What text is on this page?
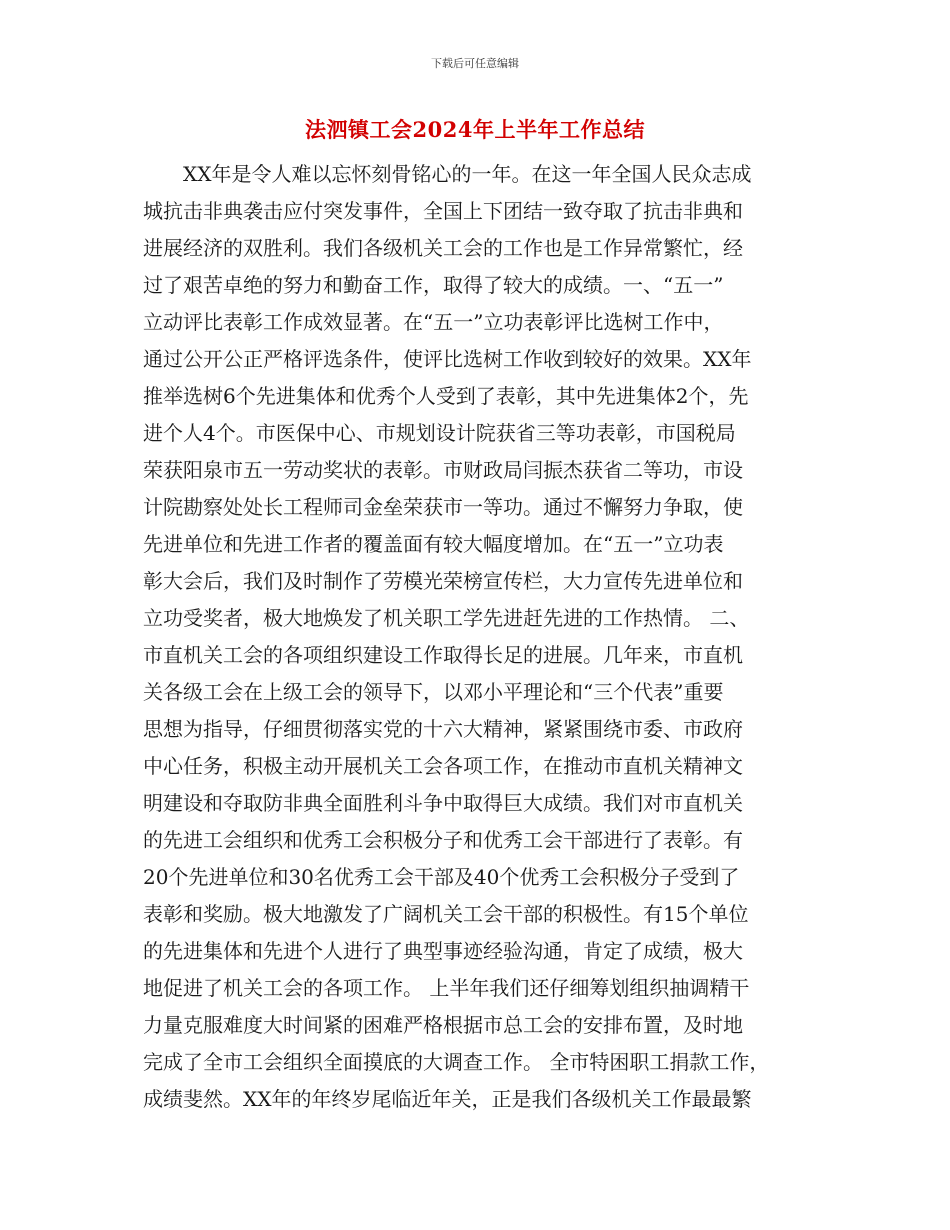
下载后可任意编辑
法泗镇工会2024年上半年工作总结
XX年是令人难以忘怀刻骨铭心的一年。在这一年全国人民众志成
城抗击非典袭击应付突发事件，全国上下团结一致夺取了抗击非典和
进展经济的双胜利。我们各级机关工会的工作也是工作异常繁忙，经
过了艰苦卓绝的努力和勤奋工作，取得了较大的成绩。一、“五一”
立动评比表彰工作成效显著。在“五一”立功表彰评比选树工作中，
通过公开公正严格评选条件，使评比选树工作收到较好的效果。XX年
推举选树6个先进集体和优秀个人受到了表彰，其中先进集体2个，先
进个人4个。市医保中心、市规划设计院获省三等功表彰，市国税局
荣获阳泉市五一劳动奖状的表彰。市财政局闫振杰获省二等功，市设
计院勘察处处长工程师司金垒荣获市一等功。通过不懈努力争取，使
先进单位和先进工作者的覆盖面有较大幅度增加。在“五一”立功表
彰大会后，我们及时制作了劳模光荣榜宣传栏，大力宣传先进单位和
立功受奖者，极大地焕发了机关职工学先进赶先进的工作热情。 二、
市直机关工会的各项组织建设工作取得长足的进展。几年来，市直机
关各级工会在上级工会的领导下，以邓小平理论和“三个代表”重要
思想为指导，仔细贯彻落实党的十六大精神，紧紧围绕市委、市政府
中心任务，积极主动开展机关工会各项工作，在推动市直机关精神文
明建设和夺取防非典全面胜利斗争中取得巨大成绩。我们对市直机关
的先进工会组织和优秀工会积极分子和优秀工会干部进行了表彰。有
20个先进单位和30名优秀工会干部及40个优秀工会积极分子受到了
表彰和奖励。极大地激发了广阔机关工会干部的积极性。有15个单位
的先进集体和先进个人进行了典型事迹经验沟通，肯定了成绩，极大
地促进了机关工会的各项工作。 上半年我们还仔细筹划组织抽调精干
力量克服难度大时间紧的困难严格根据市总工会的安排布置，及时地
完成了全市工会组织全面摸底的大调查工作。 全市特困职工捐款工作，
成绩斐然。XX年的年终岁尾临近年关，正是我们各级机关工作最最繁
